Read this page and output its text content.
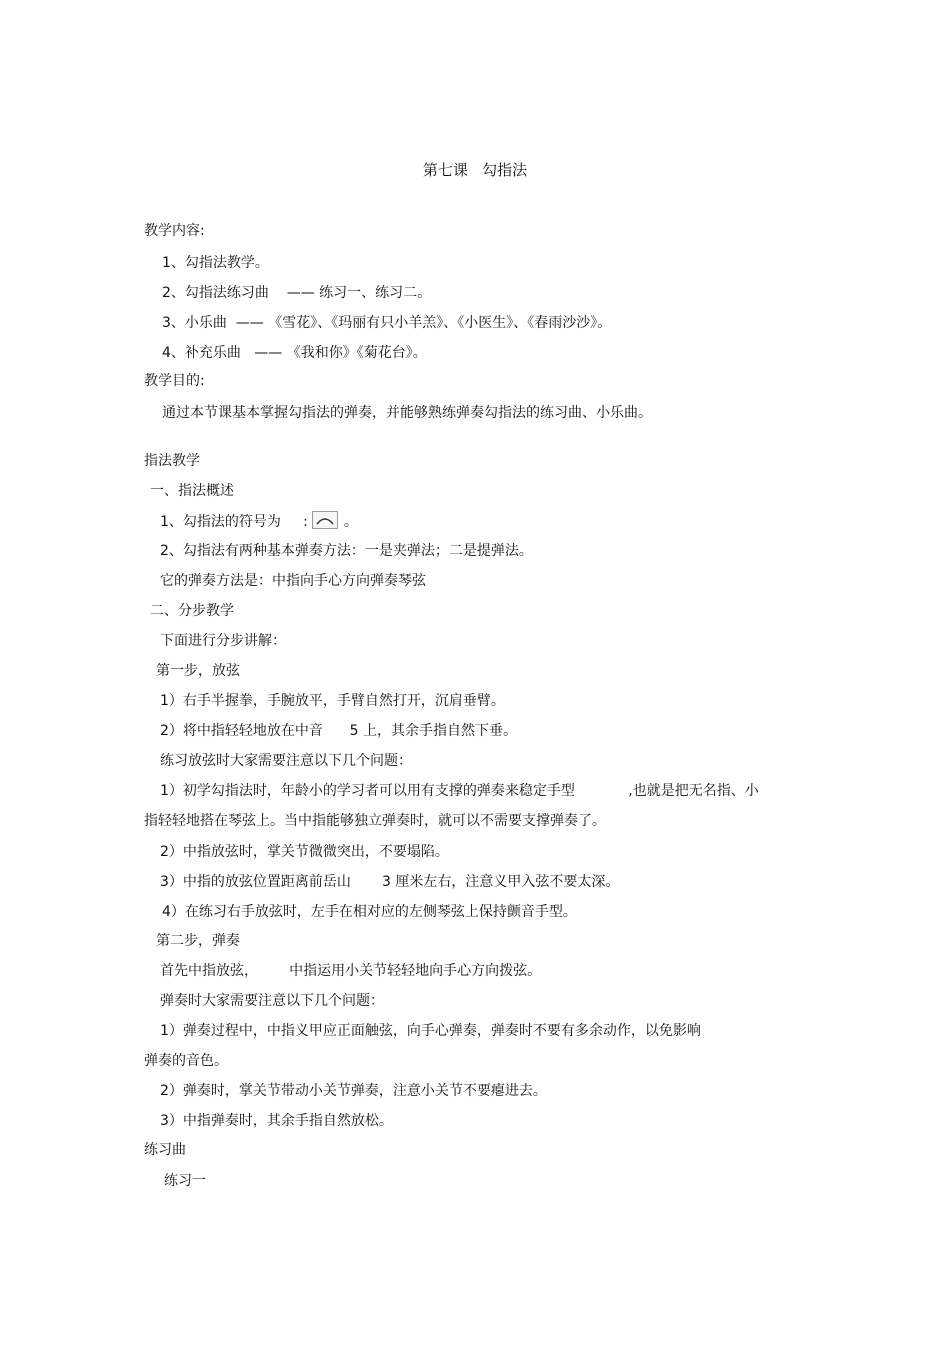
第七课   勾指法
教学内容:
1、勾指法教学。
2、勾指法练习曲    —— 练习一、练习二。
3、小乐曲  —— 《雪花》、《玛丽有只小羊羔》、《小医生》、《春雨沙沙》。
4、补充乐曲   —— 《我和你》《菊花台》。
教学目的:
通过本节课基本掌握勾指法的弹奏，并能够熟练弹奏勾指法的练习曲、小乐曲。
指法教学
一、指法概述
1、勾指法的符号为     :	。
2、勾指法有两种基本弹奏方法：一是夹弹法；二是提弹法。
它的弹奏方法是：中指向手心方向弹奏琴弦
二、分步教学
下面进行分步讲解：
第一步，放弦
1）右手半握拳，手腕放平，手臂自然打开，沉肩垂臂。
2）将中指轻轻地放在中音      5 上，其余手指自然下垂。
练习放弦时大家需要注意以下几个问题：
1）初学勾指法时，年龄小的学习者可以用有支撑的弹奏来稳定手型            ,也就是把无名指、小
指轻轻地搭在琴弦上。当中指能够独立弹奏时，就可以不需要支撑弹奏了。
2）中指放弦时，掌关节微微突出，不要塌陷。
3）中指的放弦位置距离前岳山       3 厘米左右，注意义甲入弦不要太深。
4）在练习右手放弦时，左手在相对应的左侧琴弦上保持颤音手型。
第二步，弹奏
首先中指放弦，       中指运用小关节轻轻地向手心方向拨弦。
弹奏时大家需要注意以下几个问题：
1）弹奏过程中，中指义甲应正面触弦，向手心弹奏，弹奏时不要有多余动作，以免影响
弹奏的音色。
2）弹奏时，掌关节带动小关节弹奏，注意小关节不要瘪进去。
3）中指弹奏时，其余手指自然放松。
练习曲
练习一
